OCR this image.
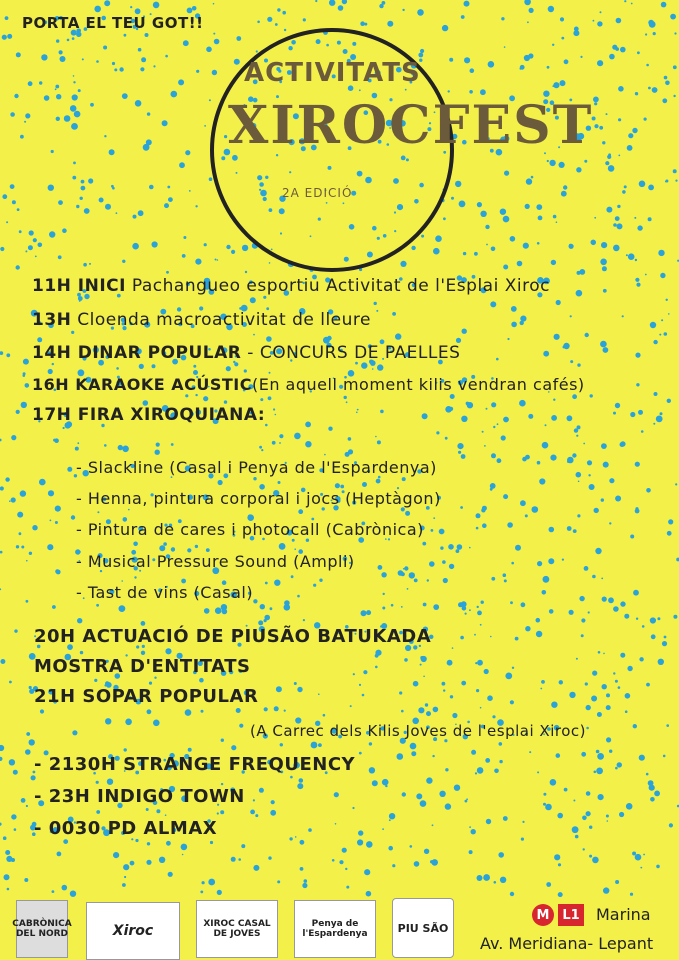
PORTA EL TEU GOT!!
ACTIVITATS
XIROCFEST
2A EDICIÓ
11H INICI Pachangueo esportiu Activitat de l'Esplai Xiroc
13H Cloenda macroactivitat de lleure
14H DINAR POPULAR - CONCURS DE PAELLES
16H KARAOKE ACÚSTIC(En aquell moment kilis vendran cafés)
17H FIRA XIROQUIANA:
- Slackline (Casal i Penya de l'Espardenya)
- Henna, pintura corporal i jocs (Heptàgon)
- Pintura de cares i photocall (Cabrònica)
- Musical Pressure Sound (Ampli)
- Tast de vins (Casal)
20H ACTUACIÓ DE PIUSÃO BATUKADA
MOSTRA D'ENTITATS
21H SOPAR POPULAR
(A Carrec dels Kilis Joves de l'esplai Xiroc)
- 2130H STRANGE FREQUENCY
- 23H INDIGO TOWN
- 0030 PD ALMAX
CABRÒNICA DEL NORD	Xiroc	XIROC CASAL DE JOVES
Penya de l'Espardenya	PIU SÃO
M L1 Marina
Av. Meridiana- Lepant
